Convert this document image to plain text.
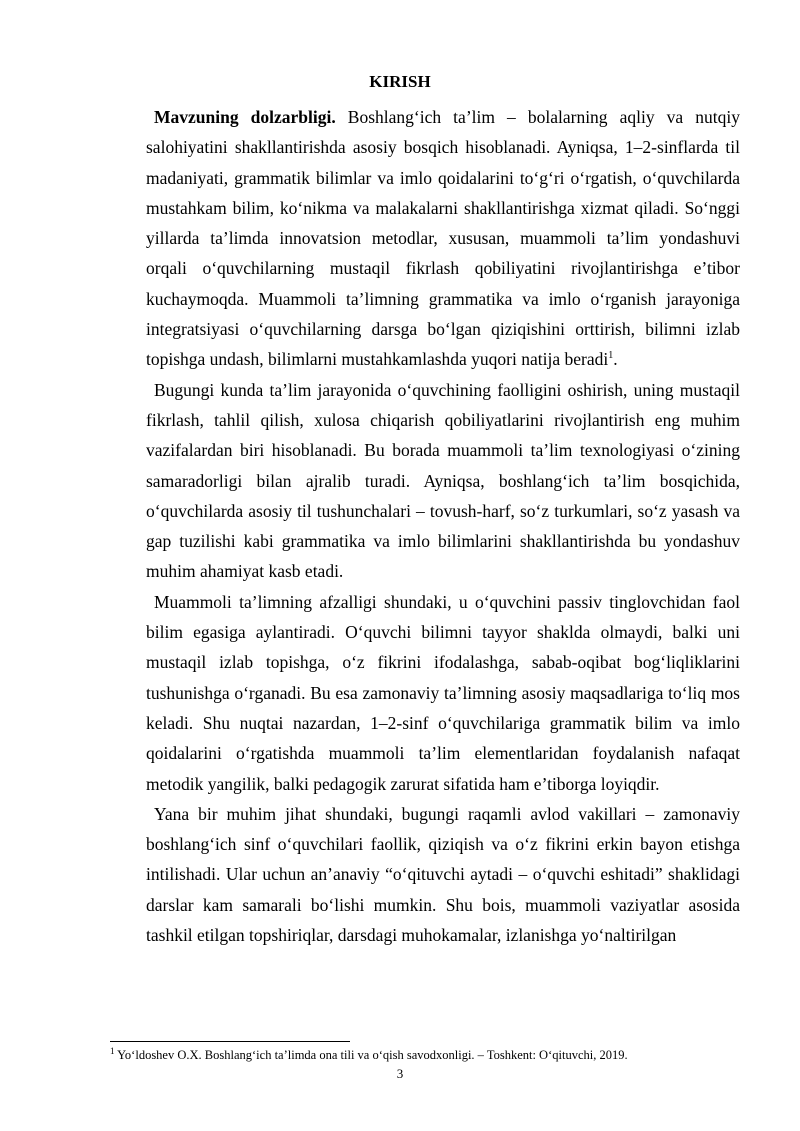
KIRISH

Mavzuning dolzarbligi. Boshlang‘ich ta’lim – bolalarning aqliy va nutqiy salohiyatini shakllantirishda asosiy bosqich hisoblanadi. Ayniqsa, 1–2-sinflarda til madaniyati, grammatik bilimlar va imlo qoidalarini to‘g‘ri o‘rgatish, o‘quvchilarda mustahkam bilim, ko‘nikma va malakalarni shakllantirishga xizmat qiladi. So‘nggi yillarda ta’limda innovatsion metodlar, xususan, muammoli ta’lim yondashuvi orqali o‘quvchilarning mustaqil fikrlash qobiliyatini rivojlantirishga e’tibor kuchaymoqda. Muammoli ta’limning grammatika va imlo o‘rganish jarayoniga integratsiyasi o‘quvchilarning darsga bo‘lgan qiziqishini orttirish, bilimni izlab topishga undash, bilimlarni mustahkamlashda yuqori natija beradi$^1$.

Bugungi kunda ta’lim jarayonida o‘quvchining faolligini oshirish, uning mustaqil fikrlash, tahlil qilish, xulosa chiqarish qobiliyatlarini rivojlantirish eng muhim vazifalardan biri hisoblanadi. Bu borada muammoli ta’lim texnologiyasi o‘zining samaradorligi bilan ajralib turadi. Ayniqsa, boshlang‘ich ta’lim bosqichida, o‘quvchilarda asosiy til tushunchalari – tovush-harf, so‘z turkumlari, so‘z yasash va gap tuzilishi kabi grammatika va imlo bilimlarini shakllantirishda bu yondashuv muhim ahamiyat kasb etadi.

Muammoli ta’limning afzalligi shundaki, u o‘quvchini passiv tinglovchidan faol bilim egasiga aylantiradi. O‘quvchi bilimni tayyor shaklda olmaydi, balki uni mustaqil izlab topishga, o‘z fikrini ifodalashga, sabab-oqibat bog‘liqliklarini tushunishga o‘rganadi. Bu esa zamonaviy ta’limning asosiy maqsadlariga to‘liq mos keladi. Shu nuqtai nazardan, 1–2-sinf o‘quvchilariga grammatik bilim va imlo qoidalarini o‘rgatishda muammoli ta’lim elementlaridan foydalanish nafaqat metodik yangilik, balki pedagogik zarurat sifatida ham e’tiborga loyiqdir.

Yana bir muhim jihat shundaki, bugungi raqamli avlod vakillari – zamonaviy boshlang‘ich sinf o‘quvchilari faollik, qiziqish va o‘z fikrini erkin bayon etishga intilishadi. Ular uchun an’anaviy “o‘qituvchi aytadi – o‘quvchi eshitadi” shaklidagi darslar kam samarali bo‘lishi mumkin. Shu bois, muammoli vaziyatlar asosida tashkil etilgan topshiriqlar, darsdagi muhokamalar, izlanishga yo‘naltirilgan

$^1$ Yo‘ldoshev O.X. Boshlang‘ich ta’limda ona tili va o‘qish savodxonligi. – Toshkent: O‘qituvchi, 2019.
3
